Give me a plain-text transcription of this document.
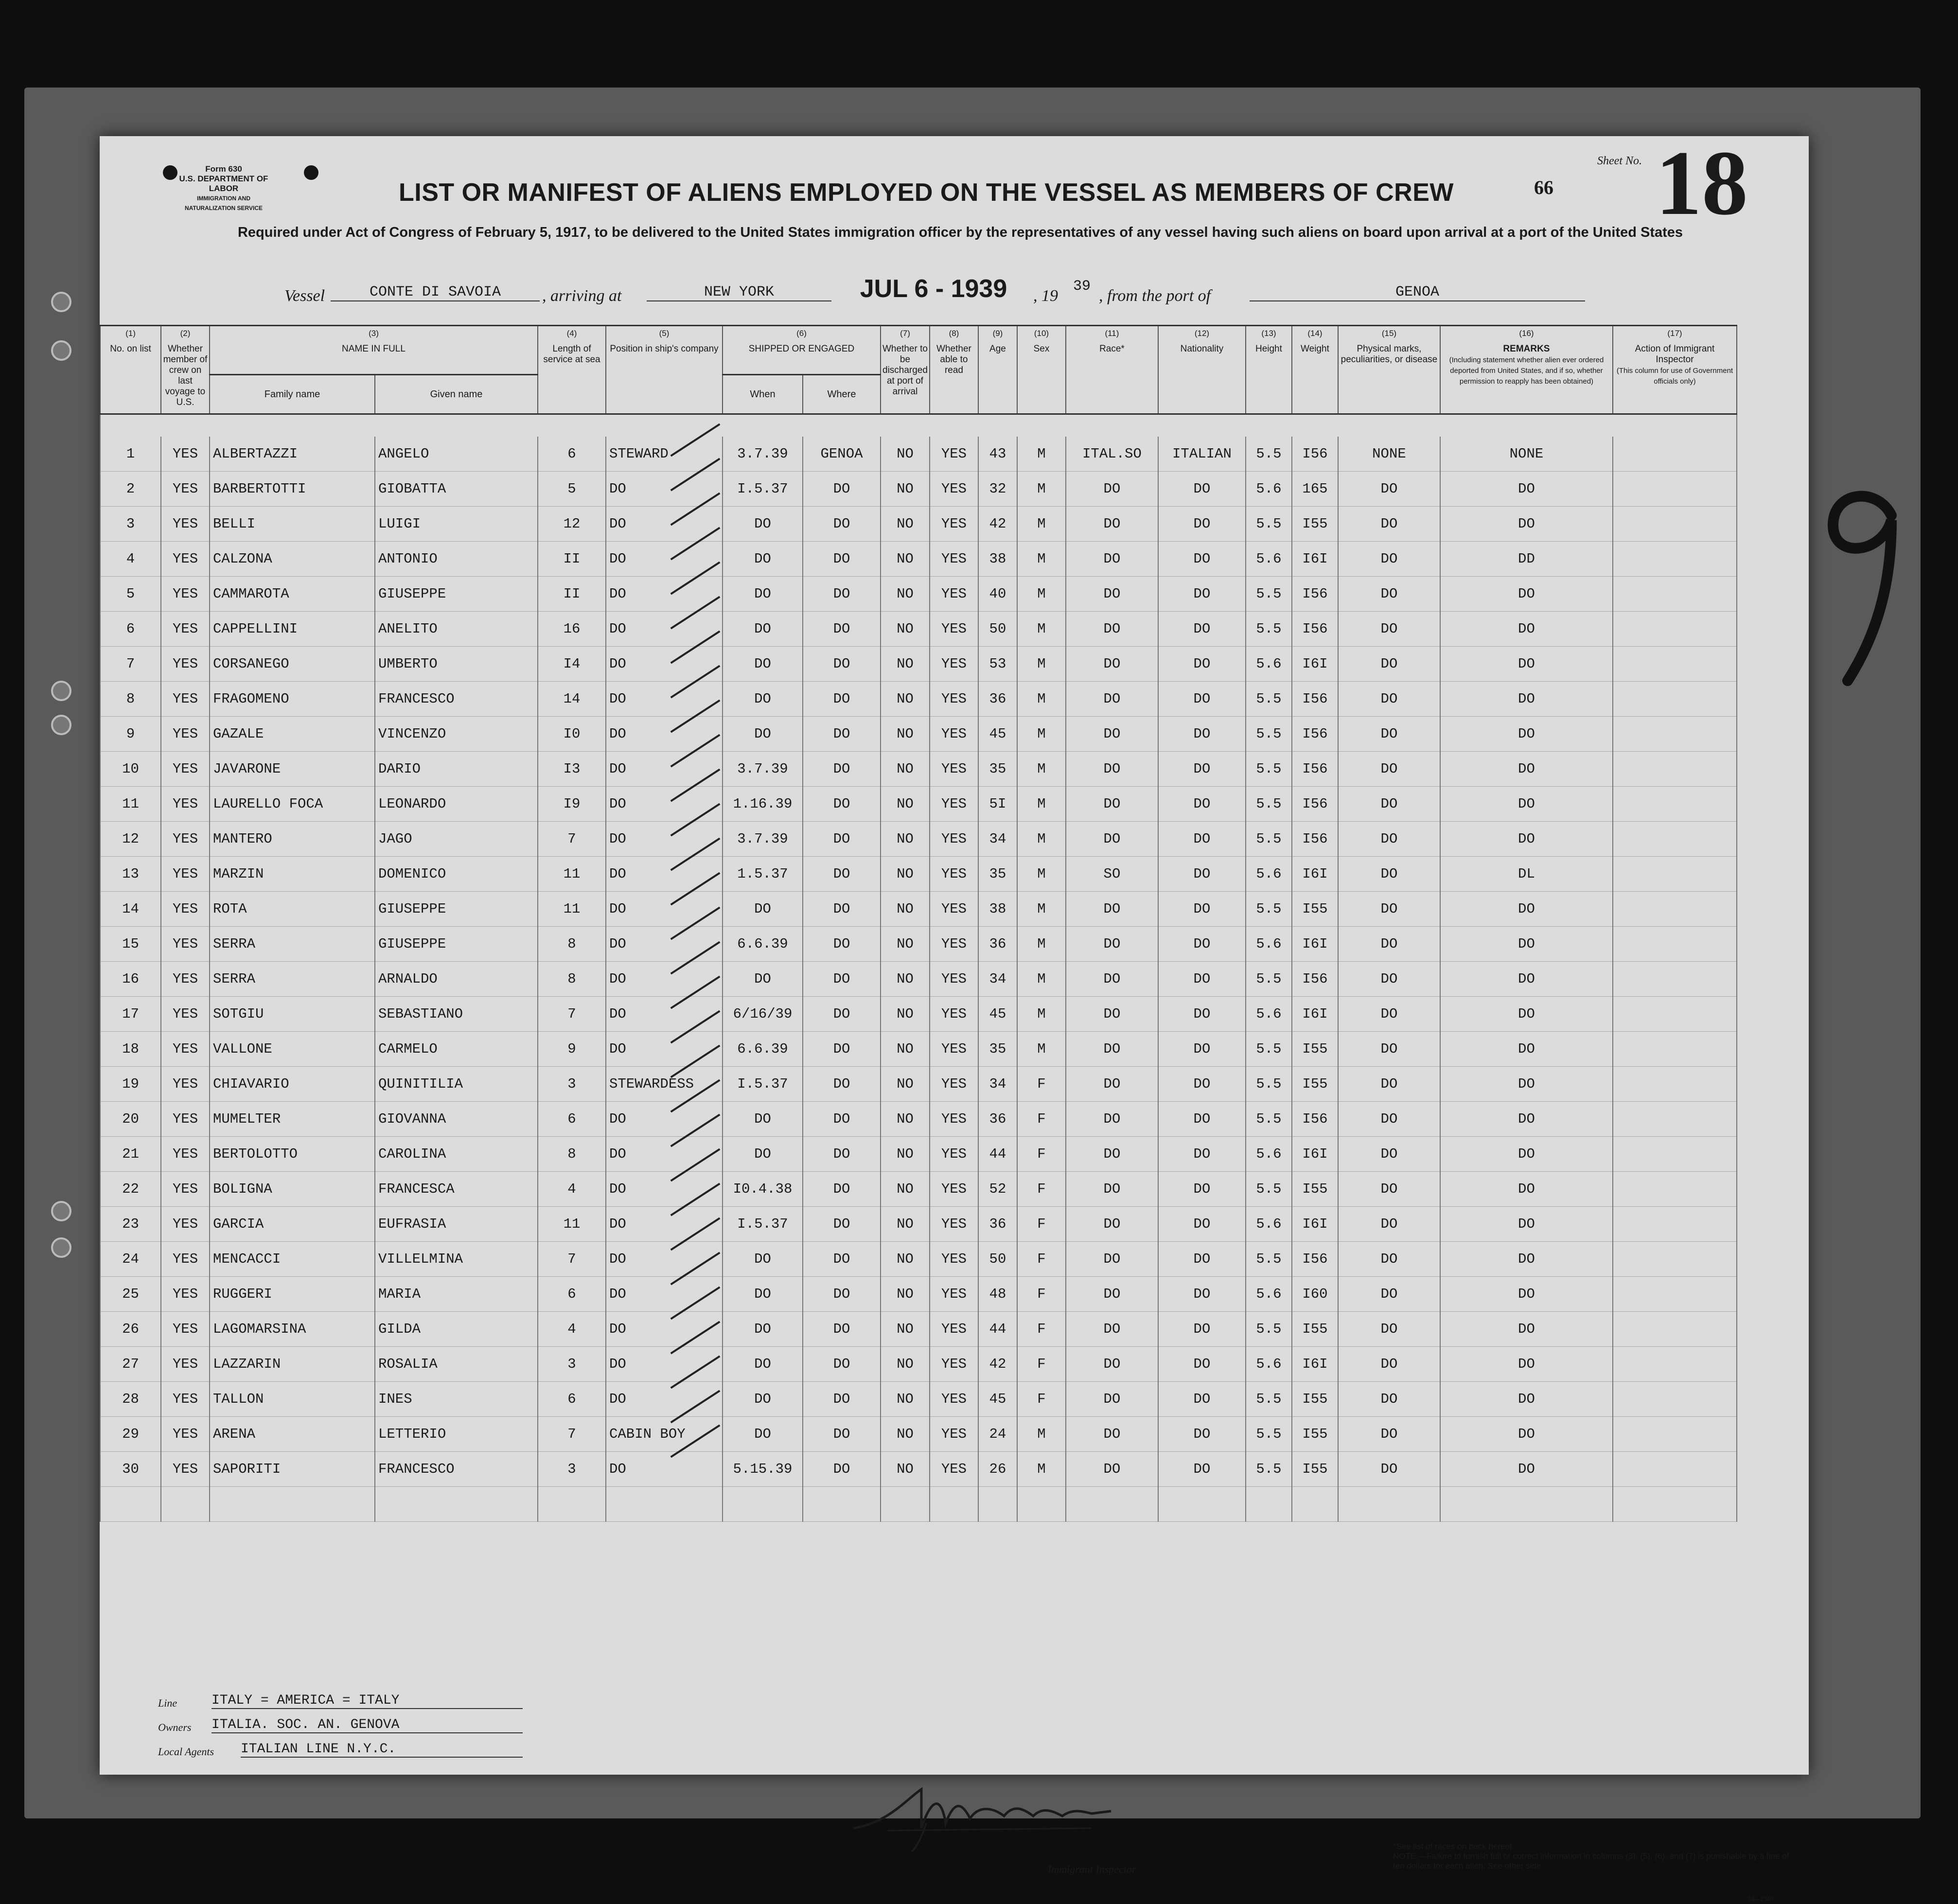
Form 630
U.S. DEPARTMENT OF LABOR
IMMIGRATION AND NATURALIZATION SERVICE
LIST OR MANIFEST OF ALIENS EMPLOYED ON THE VESSEL AS MEMBERS OF CREW
Required under Act of Congress of February 5, 1917, to be delivered to the United States immigration officer by the representatives of any vessel having such aliens on board upon arrival at a port of the United States
Sheet No.
66 18
Vessel	CONTE DI SAVOIA	, arriving at	NEW YORK	JUL 6 - 1939	, 19
39
, from the port of	GENOA
(1)
No. on list	(2)
Whether member of crew on last voyage to U.S.	(3)
NAME IN FULL		(4)
Length of service at sea	(5)
Position in ship's company	(6)
SHIPPED OR ENGAGED		(7)
Whether to be discharged at port of arrival	(8)
Whether able to read	(9)
Age	(10)
Sex	(11)
Race*	(12)
Nationality	(13)
Height	(14)
Weight	(15)
Physical marks, peculiarities, or disease	(16)
REMARKS
(Including statement whether alien ever ordered deported from United States, and if so, whether permission to reapply has been obtained)	(17)
Action of Immigrant Inspector
(This column for use of Government officials only)
		Family name	Given name			When	Where											

1	YES	ALBERTAZZI	ANGELO	6	STEWARD	3.7.39	GENOA	NO	YES	43	M	ITAL.SO	ITALIAN	5.5	I56	NONE	NONE	
2	YES	BARBERTOTTI	GIOBATTA	5	DO	I.5.37	DO	NO	YES	32	M	DO	DO	5.6	165	DO	DO	
3	YES	BELLI	LUIGI	12	DO	DO	DO	NO	YES	42	M	DO	DO	5.5	I55	DO	DO	
4	YES	CALZONA	ANTONIO	II	DO	DO	DO	NO	YES	38	M	DO	DO	5.6	I6I	DO	DD	
5	YES	CAMMAROTA	GIUSEPPE	II	DO	DO	DO	NO	YES	40	M	DO	DO	5.5	I56	DO	DO	
6	YES	CAPPELLINI	ANELITO	16	DO	DO	DO	NO	YES	50	M	DO	DO	5.5	I56	DO	DO	
7	YES	CORSANEGO	UMBERTO	I4	DO	DO	DO	NO	YES	53	M	DO	DO	5.6	I6I	DO	DO	
8	YES	FRAGOMENO	FRANCESCO	14	DO	DO	DO	NO	YES	36	M	DO	DO	5.5	I56	DO	DO	
9	YES	GAZALE	VINCENZO	I0	DO	DO	DO	NO	YES	45	M	DO	DO	5.5	I56	DO	DO	
10	YES	JAVARONE	DARIO	I3	DO	3.7.39	DO	NO	YES	35	M	DO	DO	5.5	I56	DO	DO	
11	YES	LAURELLO FOCA	LEONARDO	I9	DO	1.16.39	DO	NO	YES	5I	M	DO	DO	5.5	I56	DO	DO	
12	YES	MANTERO	JAGO	7	DO	3.7.39	DO	NO	YES	34	M	DO	DO	5.5	I56	DO	DO	
13	YES	MARZIN	DOMENICO	11	DO	1.5.37	DO	NO	YES	35	M	SO	DO	5.6	I6I	DO	DL	
14	YES	ROTA	GIUSEPPE	11	DO	DO	DO	NO	YES	38	M	DO	DO	5.5	I55	DO	DO	
15	YES	SERRA	GIUSEPPE	8	DO	6.6.39	DO	NO	YES	36	M	DO	DO	5.6	I6I	DO	DO	
16	YES	SERRA	ARNALDO	8	DO	DO	DO	NO	YES	34	M	DO	DO	5.5	I56	DO	DO	
17	YES	SOTGIU	SEBASTIANO	7	DO	6/16/39	DO	NO	YES	45	M	DO	DO	5.6	I6I	DO	DO	
18	YES	VALLONE	CARMELO	9	DO	6.6.39	DO	NO	YES	35	M	DO	DO	5.5	I55	DO	DO	
19	YES	CHIAVARIO	QUINITILIA	3	STEWARDESS	I.5.37	DO	NO	YES	34	F	DO	DO	5.5	I55	DO	DO	
20	YES	MUMELTER	GIOVANNA	6	DO	DO	DO	NO	YES	36	F	DO	DO	5.5	I56	DO	DO	
21	YES	BERTOLOTTO	CAROLINA	8	DO	DO	DO	NO	YES	44	F	DO	DO	5.6	I6I	DO	DO	
22	YES	BOLIGNA	FRANCESCA	4	DO	I0.4.38	DO	NO	YES	52	F	DO	DO	5.5	I55	DO	DO	
23	YES	GARCIA	EUFRASIA	11	DO	I.5.37	DO	NO	YES	36	F	DO	DO	5.6	I6I	DO	DO	
24	YES	MENCACCI	VILLELMINA	7	DO	DO	DO	NO	YES	50	F	DO	DO	5.5	I56	DO	DO	
25	YES	RUGGERI	MARIA	6	DO	DO	DO	NO	YES	48	F	DO	DO	5.6	I60	DO	DO	
26	YES	LAGOMARSINA	GILDA	4	DO	DO	DO	NO	YES	44	F	DO	DO	5.5	I55	DO	DO	
27	YES	LAZZARIN	ROSALIA	3	DO	DO	DO	NO	YES	42	F	DO	DO	5.6	I6I	DO	DO	
28	YES	TALLON	INES	6	DO	DO	DO	NO	YES	45	F	DO	DO	5.5	I55	DO	DO	
29	YES	ARENA	LETTERIO	7	CABIN BOY	DO	DO	NO	YES	24	M	DO	DO	5.5	I55	DO	DO	
30	YES	SAPORITI	FRANCESCO	3	DO	5.15.39	DO	NO	YES	26	M	DO	DO	5.5	I55	DO	DO	

Line	ITALY = AMERICA = ITALY
Owners ITALIA. SOC. AN. GENOVA
Local Agents ITALIAN LINE N.Y.C.
Immigrant Inspector
*See list of races on back hereof.
NOTE.—Failure to furnish full or correct information in columns (3), (5), (6), and (7) is punishable by a fine of ten dollars for each alien. See other side.
14—1340
